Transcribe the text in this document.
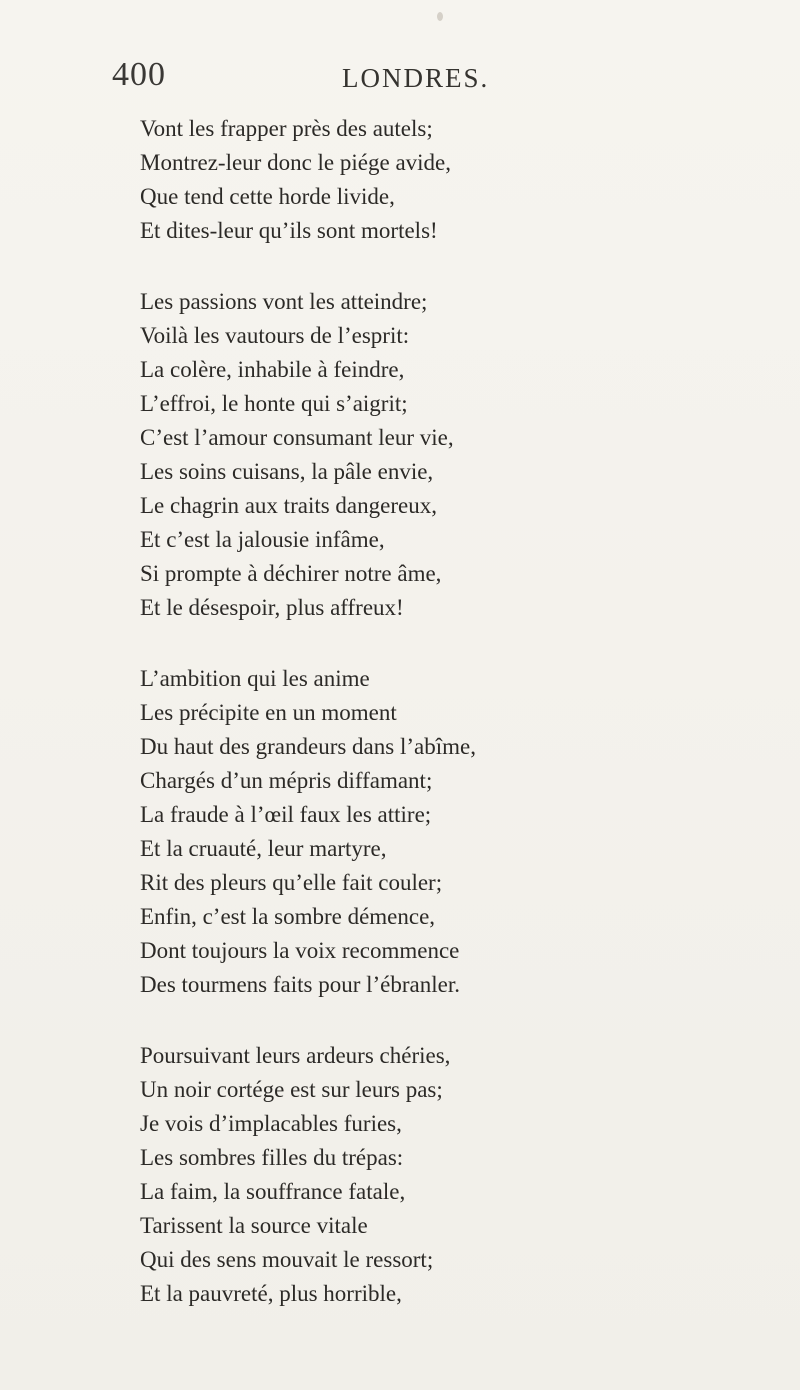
400	LONDRES.
Vont les frapper près des autels;
Montrez-leur donc le piége avide,
Que tend cette horde livide,
Et dites-leur qu’ils sont mortels!
Les passions vont les atteindre;
Voilà les vautours de l’esprit:
La colère, inhabile à feindre,
L’effroi, le honte qui s’aigrit;
C’est l’amour consumant leur vie,
Les soins cuisans, la pâle envie,
Le chagrin aux traits dangereux,
Et c’est la jalousie infâme,
Si prompte à déchirer notre âme,
Et le désespoir, plus affreux!
L’ambition qui les anime
Les précipite en un moment
Du haut des grandeurs dans l’abîme,
Chargés d’un mépris diffamant;
La fraude à l’œil faux les attire;
Et la cruauté, leur martyre,
Rit des pleurs qu’elle fait couler;
Enfin, c’est la sombre démence,
Dont toujours la voix recommence
Des tourmens faits pour l’ébranler.
Poursuivant leurs ardeurs chéries,
Un noir cortége est sur leurs pas;
Je vois d’implacables furies,
Les sombres filles du trépas:
La faim, la souffrance fatale,
Tarissent la source vitale
Qui des sens mouvait le ressort;
Et la pauvreté, plus horrible,
